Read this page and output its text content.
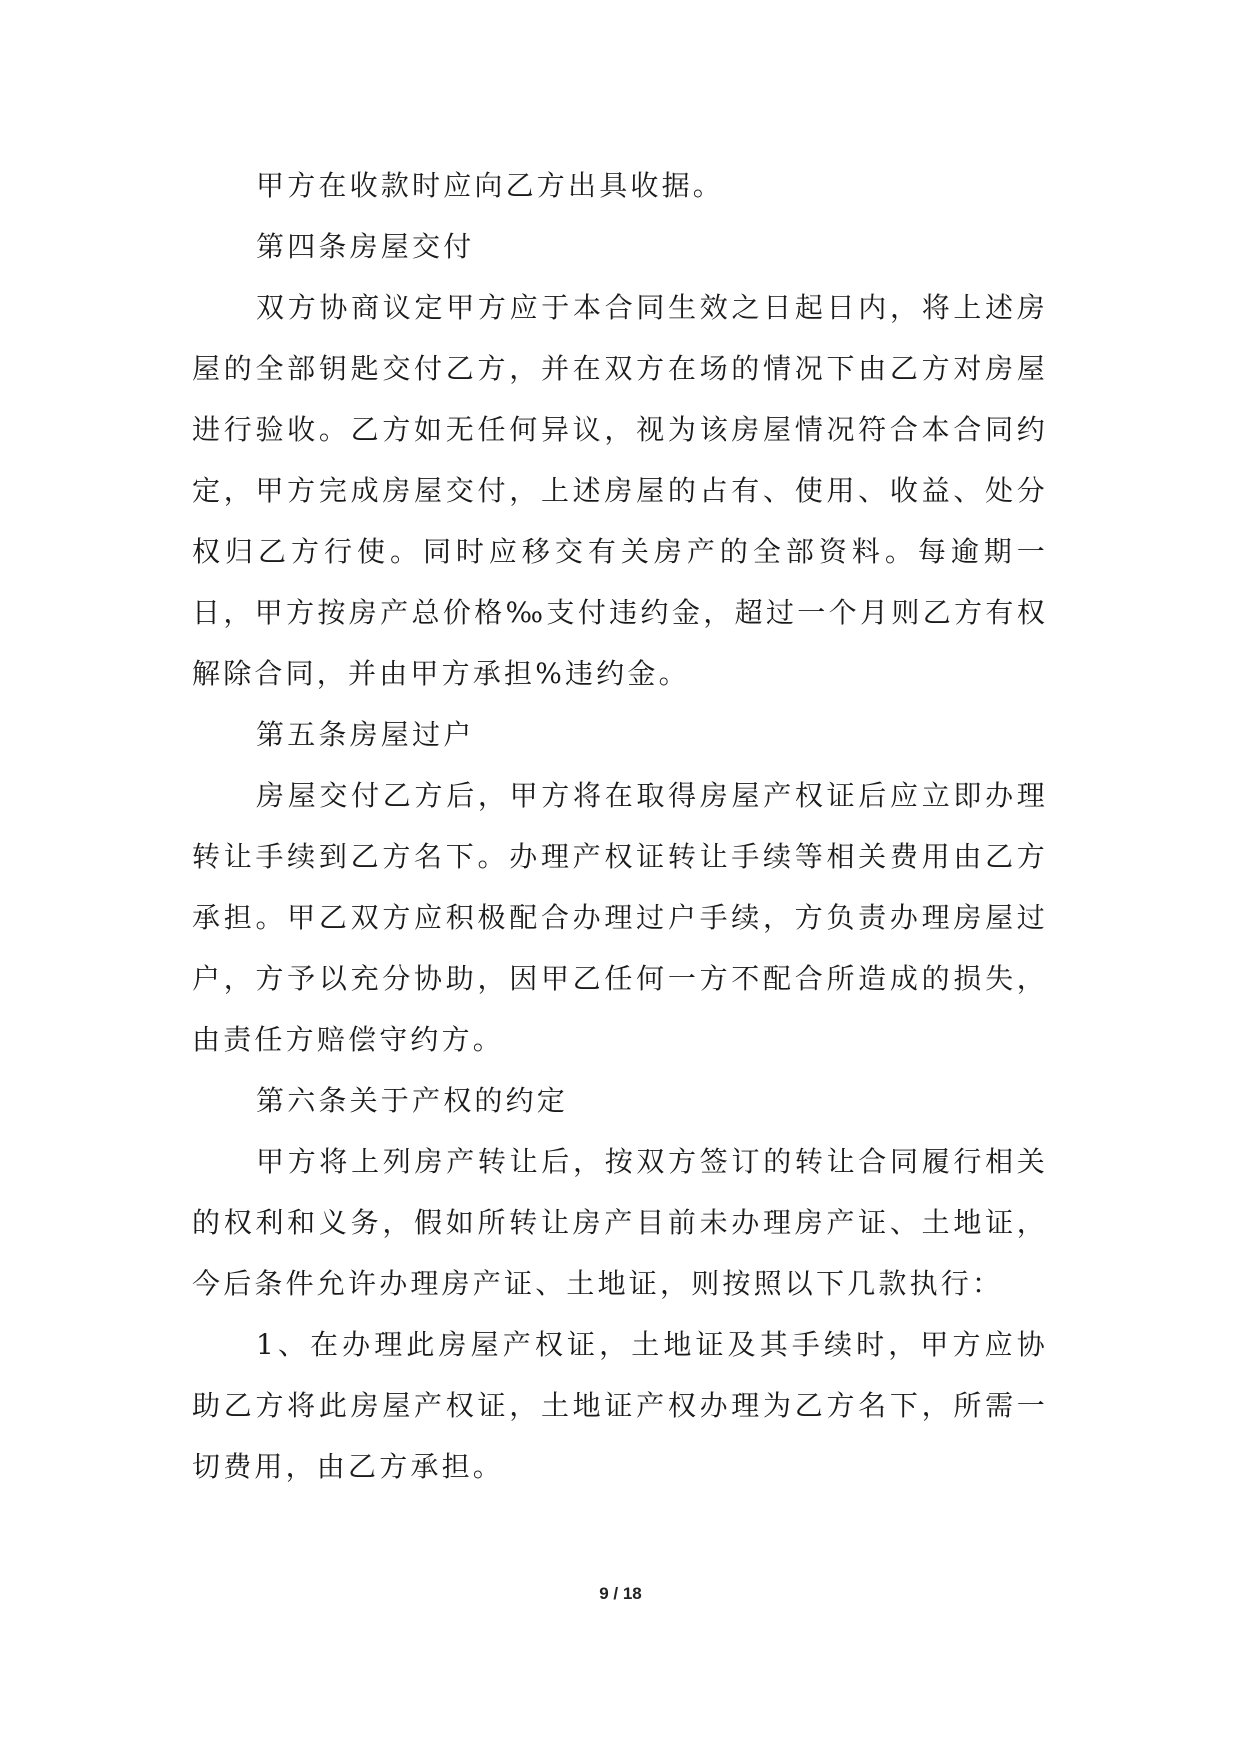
甲方在收款时应向乙方出具收据。

第四条房屋交付

双方协商议定甲方应于本合同生效之日起日内，将上述房屋的全部钥匙交付乙方，并在双方在场的情况下由乙方对房屋进行验收。乙方如无任何异议，视为该房屋情况符合本合同约定，甲方完成房屋交付，上述房屋的占有、使用、收益、处分权归乙方行使。同时应移交有关房产的全部资料。每逾期一日，甲方按房产总价格‰支付违约金，超过一个月则乙方有权解除合同，并由甲方承担%违约金。

第五条房屋过户

房屋交付乙方后，甲方将在取得房屋产权证后应立即办理转让手续到乙方名下。办理产权证转让手续等相关费用由乙方承担。甲乙双方应积极配合办理过户手续，方负责办理房屋过户，方予以充分协助，因甲乙任何一方不配合所造成的损失，由责任方赔偿守约方。

第六条关于产权的约定

甲方将上列房产转让后，按双方签订的转让合同履行相关的权利和义务，假如所转让房产目前未办理房产证、土地证，今后条件允许办理房产证、土地证，则按照以下几款执行：

1、在办理此房屋产权证，土地证及其手续时，甲方应协助乙方将此房屋产权证，土地证产权办理为乙方名下，所需一切费用，由乙方承担。

9 / 18
